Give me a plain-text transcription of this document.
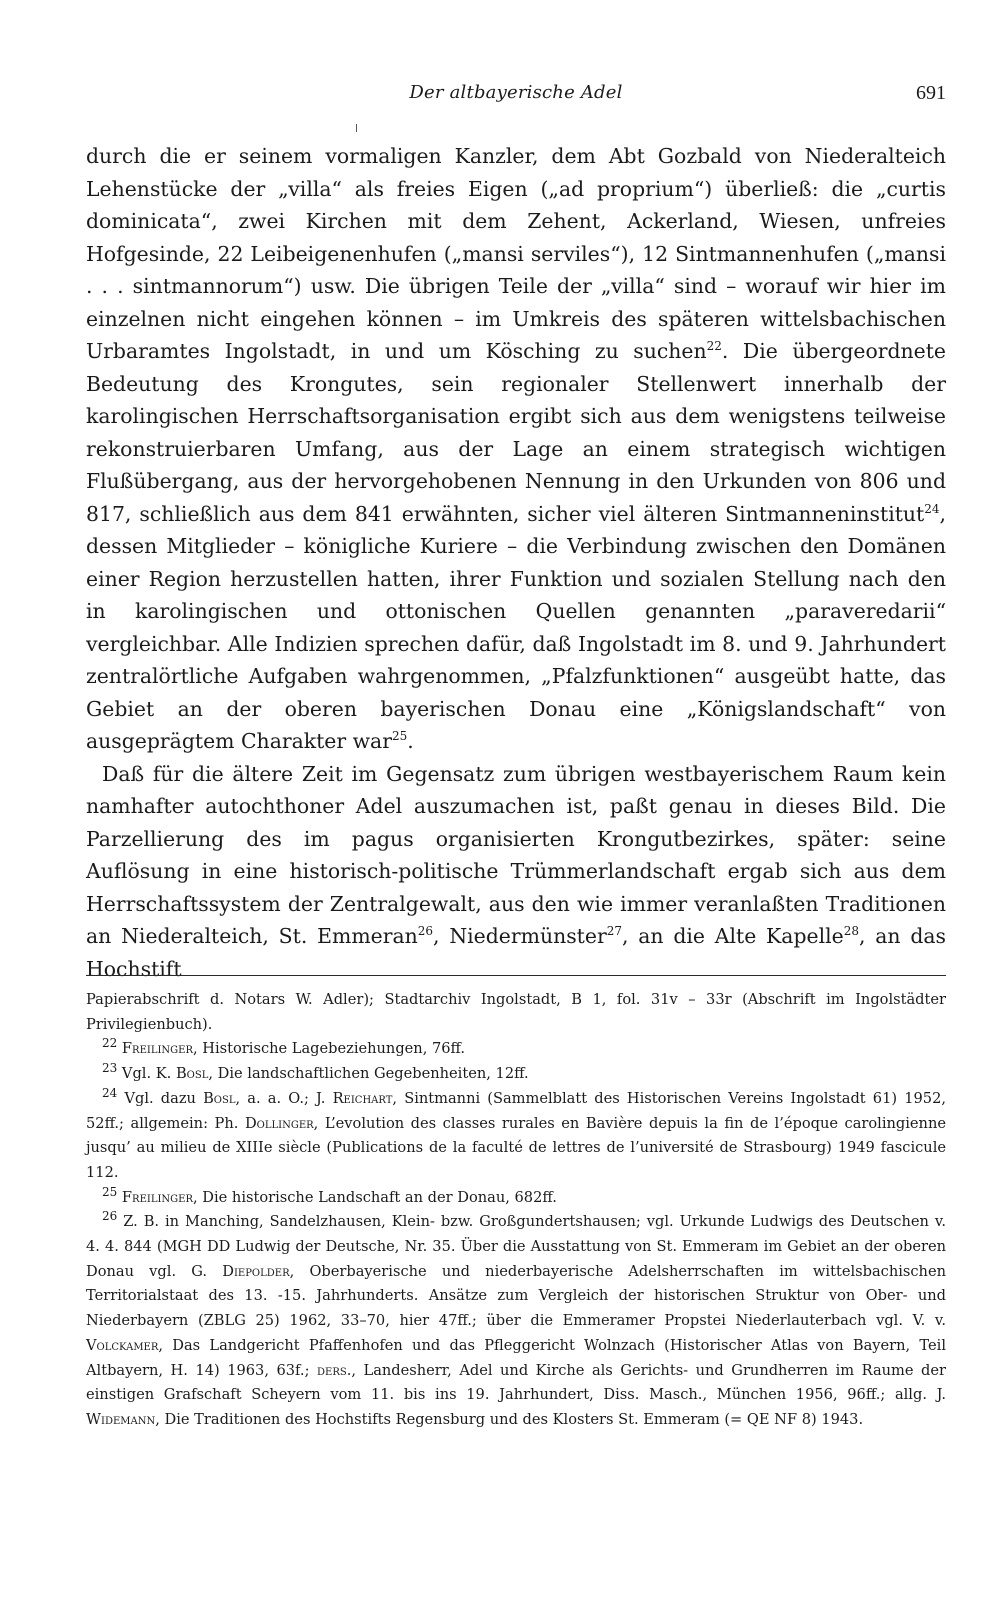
Der altbayerische Adel	691

durch die er seinem vormaligen Kanzler, dem Abt Gozbald von Niederalteich Lehenstücke der „villa“ als freies Eigen („ad proprium“) überließ: die „curtis dominicata“, zwei Kirchen mit dem Zehent, Ackerland, Wiesen, unfreies Hofgesinde, 22 Leibeigenenhufen („mansi serviles“), 12 Sintmannenhufen („mansi . . . sintmannorum“) usw. Die übrigen Teile der „villa“ sind – worauf wir hier im einzelnen nicht eingehen können – im Umkreis des späteren wittelsbachischen Urbaramtes Ingolstadt, in und um Kösching zu suchen$^{22}$. Die übergeordnete Bedeutung des Krongutes, sein regionaler Stellenwert innerhalb der karolingischen Herrschaftsorganisation ergibt sich aus dem wenigstens teilweise rekonstruierbaren Umfang, aus der Lage an einem strategisch wichtigen Flußübergang, aus der hervorgehobenen Nennung in den Urkunden von 806 und 817, schließlich aus dem 841 erwähnten, sicher viel älteren Sintmanneninstitut$^{24}$, dessen Mitglieder – königliche Kuriere – die Verbindung zwischen den Domänen einer Region herzustellen hatten, ihrer Funktion und sozialen Stellung nach den in karolingischen und ottonischen Quellen genannten „paraveredarii“ vergleichbar. Alle Indizien sprechen dafür, daß Ingolstadt im 8. und 9. Jahrhundert zentralörtliche Aufgaben wahrgenommen, „Pfalzfunktionen“ ausgeübt hatte, das Gebiet an der oberen bayerischen Donau eine „Königslandschaft“ von ausgeprägtem Charakter war$^{25}$.

Daß für die ältere Zeit im Gegensatz zum übrigen westbayerischem Raum kein namhafter autochthoner Adel auszumachen ist, paßt genau in dieses Bild. Die Parzellierung des im pagus organisierten Krongutbezirkes, später: seine Auflösung in eine historisch-politische Trümmerlandschaft ergab sich aus dem Herrschaftssystem der Zentralgewalt, aus den wie immer veranlaßten Traditionen an Niederalteich, St. Emmeran$^{26}$, Niedermünster$^{27}$, an die Alte Kapelle$^{28}$, an das Hochstift

Papierabschrift d. Notars W. Adler); Stadtarchiv Ingolstadt, B 1, fol. 31v – 33r (Abschrift im Ingolstädter Privilegienbuch).

$^{22}$ Freilinger, Historische Lagebeziehungen, 76ff.

$^{23}$ Vgl. K. Bosl, Die landschaftlichen Gegebenheiten, 12ff.

$^{24}$ Vgl. dazu Bosl, a. a. O.; J. Reichart, Sintmanni (Sammelblatt des Historischen Vereins Ingolstadt 61) 1952, 52ff.; allgemein: Ph. Dollinger, L’evolution des classes rurales en Bavière depuis la fin de l’époque carolingienne jusqu’ au milieu de XIIIe siècle (Publications de la faculté de lettres de l’université de Strasbourg) 1949 fascicule 112.

$^{25}$ Freilinger, Die historische Landschaft an der Donau, 682ff.

$^{26}$ Z. B. in Manching, Sandelzhausen, Klein- bzw. Großgundertshausen; vgl. Urkunde Ludwigs des Deutschen v. 4. 4. 844 (MGH DD Ludwig der Deutsche, Nr. 35. Über die Ausstattung von St. Emmeram im Gebiet an der oberen Donau vgl. G. Diepolder, Oberbayerische und niederbayerische Adelsherrschaften im wittelsbachischen Territorialstaat des 13. -15. Jahrhunderts. Ansätze zum Vergleich der historischen Struktur von Ober- und Niederbayern (ZBLG 25) 1962, 33–70, hier 47ff.; über die Emmeramer Propstei Niederlauterbach vgl. V. v. Volckamer, Das Landgericht Pfaffenhofen und das Pfleggericht Wolnzach (Historischer Atlas von Bayern, Teil Altbayern, H. 14) 1963, 63f.; ders., Landesherr, Adel und Kirche als Gerichts- und Grundherren im Raume der einstigen Grafschaft Scheyern vom 11. bis ins 19. Jahrhundert, Diss. Masch., München 1956, 96ff.; allg. J. Widemann, Die Traditionen des Hochstifts Regensburg und des Klosters St. Emmeram (= QE NF 8) 1943.
